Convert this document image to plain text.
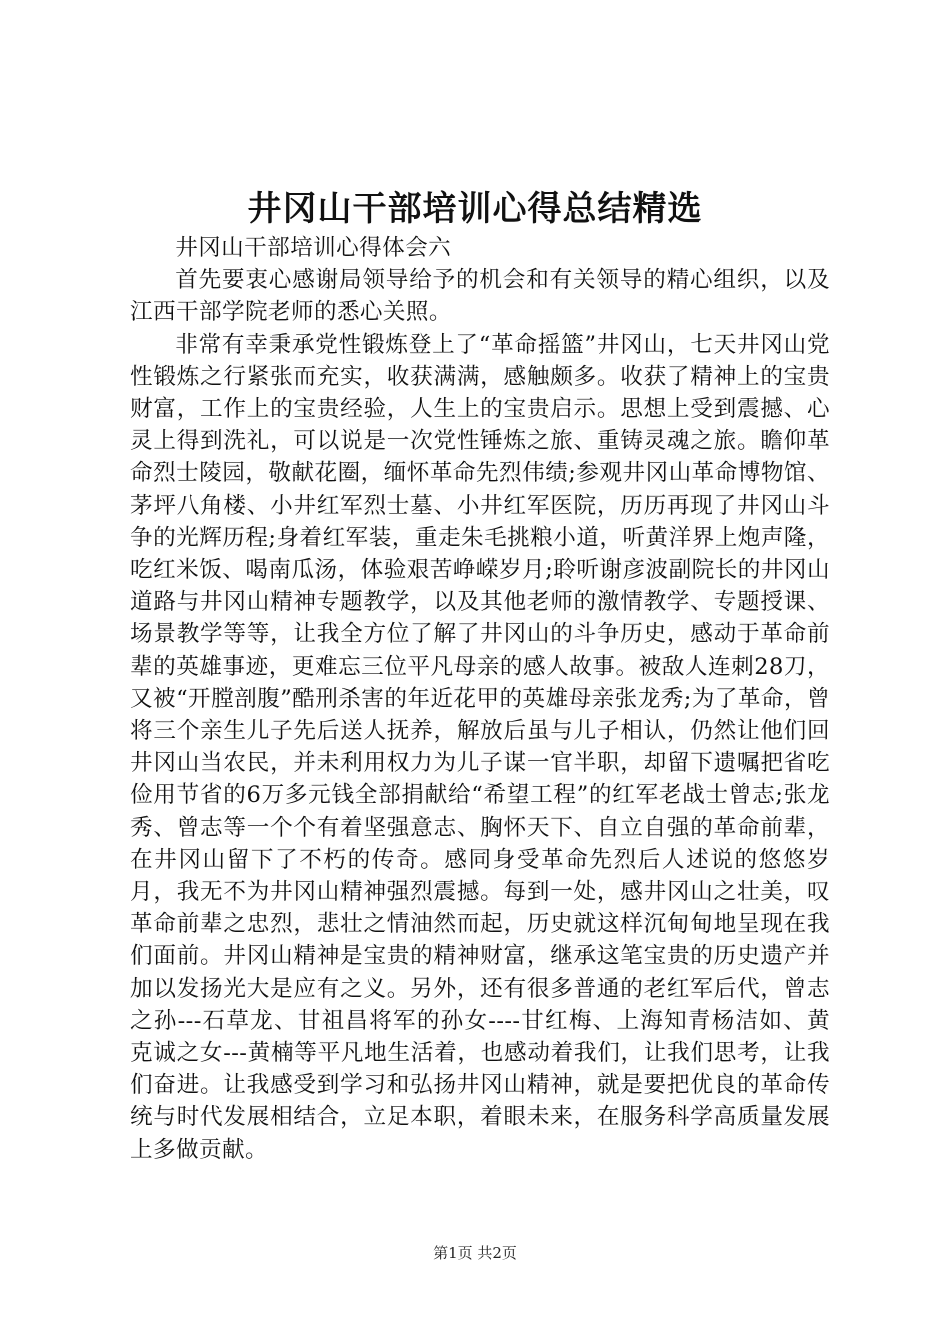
井冈山干部培训心得总结精选

井冈山干部培训心得体会六

首先要衷心感谢局领导给予的机会和有关领导的精心组织，以及江西干部学院老师的悉心关照。

非常有幸秉承党性锻炼登上了“革命摇篮”井冈山，七天井冈山党性锻炼之行紧张而充实，收获满满，感触颇多。收获了精神上的宝贵财富，工作上的宝贵经验，人生上的宝贵启示。思想上受到震撼、心灵上得到洗礼，可以说是一次党性锤炼之旅、重铸灵魂之旅。瞻仰革命烈士陵园，敬献花圈，缅怀革命先烈伟绩;参观井冈山革命博物馆、茅坪八角楼、小井红军烈士墓、小井红军医院，历历再现了井冈山斗争的光辉历程;身着红军装，重走朱毛挑粮小道，听黄洋界上炮声隆，吃红米饭、喝南瓜汤，体验艰苦峥嵘岁月;聆听谢彦波副院长的井冈山道路与井冈山精神专题教学，以及其他老师的激情教学、专题授课、场景教学等等，让我全方位了解了井冈山的斗争历史，感动于革命前辈的英雄事迹，更难忘三位平凡母亲的感人故事。被敌人连刺28刀，又被“开膛剖腹”酷刑杀害的年近花甲的英雄母亲张龙秀;为了革命，曾将三个亲生儿子先后送人抚养，解放后虽与儿子相认，仍然让他们回井冈山当农民，并未利用权力为儿子谋一官半职，却留下遗嘱把省吃俭用节省的6万多元钱全部捐献给“希望工程”的红军老战士曾志;张龙秀、曾志等一个个有着坚强意志、胸怀天下、自立自强的革命前辈，在井冈山留下了不朽的传奇。感同身受革命先烈后人述说的悠悠岁月，我无不为井冈山精神强烈震撼。每到一处，感井冈山之壮美，叹革命前辈之忠烈，悲壮之情油然而起，历史就这样沉甸甸地呈现在我们面前。井冈山精神是宝贵的精神财富，继承这笔宝贵的历史遗产并加以发扬光大是应有之义。另外，还有很多普通的老红军后代，曾志之孙---石草龙、甘祖昌将军的孙女----甘红梅、上海知青杨洁如、黄克诚之女---黄楠等平凡地生活着，也感动着我们，让我们思考，让我们奋进。让我感受到学习和弘扬井冈山精神，就是要把优良的革命传统与时代发展相结合，立足本职，着眼未来，在服务科学高质量发展上多做贡献。

第1页 共2页
